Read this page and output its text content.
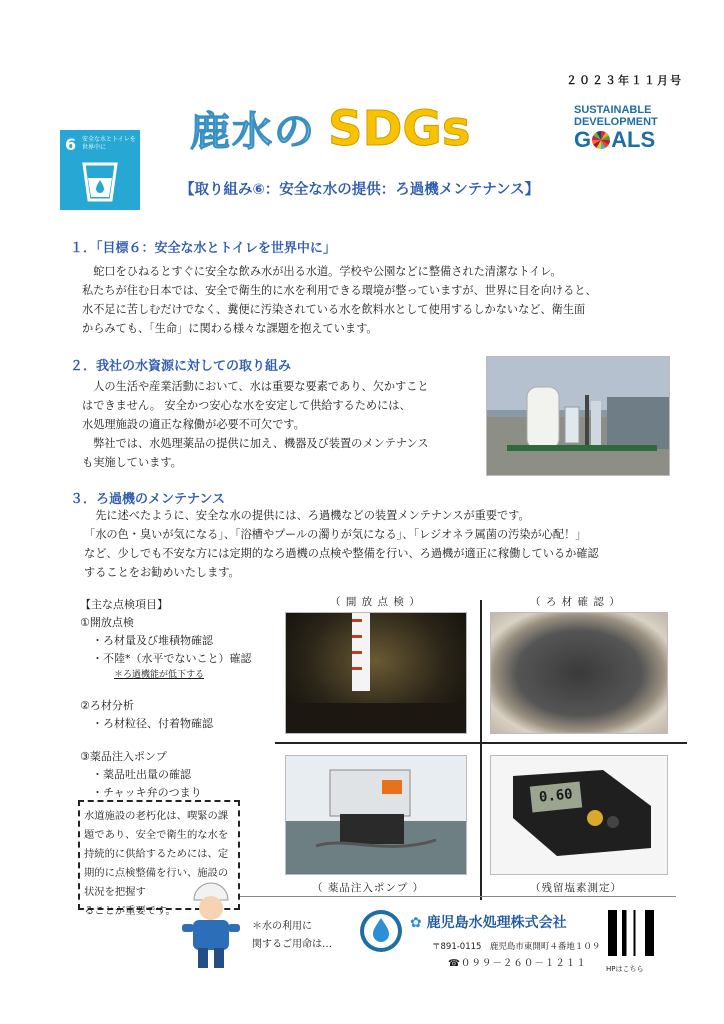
２０２３年１１月号
6 安全な水とトイレを世界中に	鹿水の SDGs	SUSTAINABLE
DEVELOPMENT
G ALS
【取り組み⑥：安全な水の提供：ろ過機メンテナンス】
１．「目標６：安全な水とトイレを世界中に」
　蛇口をひねるとすぐに安全な飲み水が出る水道。学校や公園などに整備された清潔なトイレ。
私たちが住む日本では、安全で衛生的に水を利用できる環境が整っていますが、世界に目を向けると、
水不足に苦しむだけでなく、糞便に汚染されている水を飲料水として使用するしかないなど、衛生面
からみても、「生命」に関わる様々な課題を抱えています。
２．我社の水資源に対しての取り組み
　人の生活や産業活動において、水は重要な要素であり、欠かすこと
はできません。 安全かつ安心な水を安定して供給するためには、
水処理施設の適正な稼働が必要不可欠です。
　弊社では、水処理薬品の提供に加え、機器及び装置のメンテナンス
も実施しています。
３．ろ過機のメンテナンス
　先に述べたように、安全な水の提供には、ろ過機などの装置メンテナンスが重要です。
「水の色・臭いが気になる」、「浴槽やプールの濁りが気になる」、「レジオネラ属菌の汚染が心配！」
など、少しでも不安な方には定期的なろ過機の点検や整備を行い、ろ過機が適正に稼働しているか確認
することをお勧めいたします。
【主な点検項目】
①開放点検
・ろ材量及び堆積物確認
・不陸*（水平でないこと）確認
＊ろ過機能が低下する
②ろ材分析
・ろ材粒径、付着物確認
③薬品注入ポンプ
・薬品吐出量の確認
・チャッキ弁のつまり
（ 開 放 点 検 ）	（ ろ 材 確 認 ）
0.60
（ 薬品注入ポンプ ）	（残留塩素測定）
水道施設の老朽化は、喫緊の課
題であり、安全で衛生的な水を
持続的に供給するためには、定
期的に点検整備を行い、施設の
状況を把握す
ることが重要です。
＊水の利用に
関するご用命は…
✿ 鹿児島水処理株式会社
〒891-0115　鹿児島市東開町４番地１０９
☎０９９－２６０－１２１１	HPはこちら
